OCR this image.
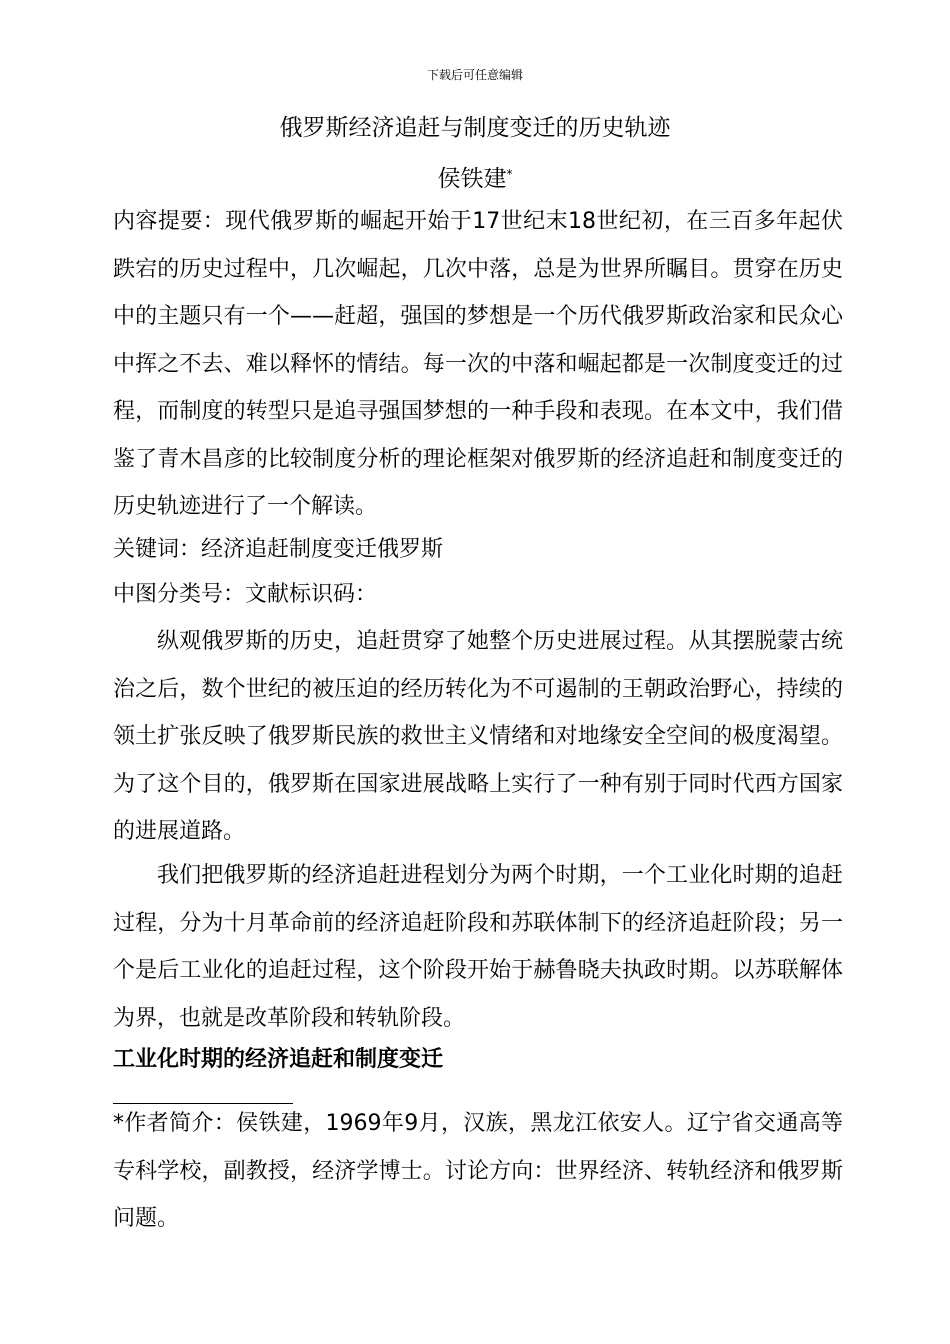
下载后可任意编辑
俄罗斯经济追赶与制度变迁的历史轨迹
侯铁建*
内容提要：现代俄罗斯的崛起开始于17世纪末18世纪初，在三百多年起伏跌宕的历史过程中，几次崛起，几次中落，总是为世界所瞩目。贯穿在历史中的主题只有一个——赶超，强国的梦想是一个历代俄罗斯政治家和民众心中挥之不去、难以释怀的情结。每一次的中落和崛起都是一次制度变迁的过程，而制度的转型只是追寻强国梦想的一种手段和表现。在本文中，我们借鉴了青木昌彦的比较制度分析的理论框架对俄罗斯的经济追赶和制度变迁的历史轨迹进行了一个解读。
关键词：经济追赶制度变迁俄罗斯
中图分类号：文献标识码：
纵观俄罗斯的历史，追赶贯穿了她整个历史进展过程。从其摆脱蒙古统治之后，数个世纪的被压迫的经历转化为不可遏制的王朝政治野心，持续的领土扩张反映了俄罗斯民族的救世主义情绪和对地缘安全空间的极度渴望。为了这个目的，俄罗斯在国家进展战略上实行了一种有别于同时代西方国家的进展道路。
我们把俄罗斯的经济追赶进程划分为两个时期，一个工业化时期的追赶过程，分为十月革命前的经济追赶阶段和苏联体制下的经济追赶阶段；另一个是后工业化的追赶过程，这个阶段开始于赫鲁晓夫执政时期。以苏联解体为界，也就是改革阶段和转轨阶段。
工业化时期的经济追赶和制度变迁
*作者简介：侯铁建，1969年9月，汉族，黑龙江依安人。辽宁省交通高等专科学校，副教授，经济学博士。讨论方向：世界经济、转轨经济和俄罗斯问题。
